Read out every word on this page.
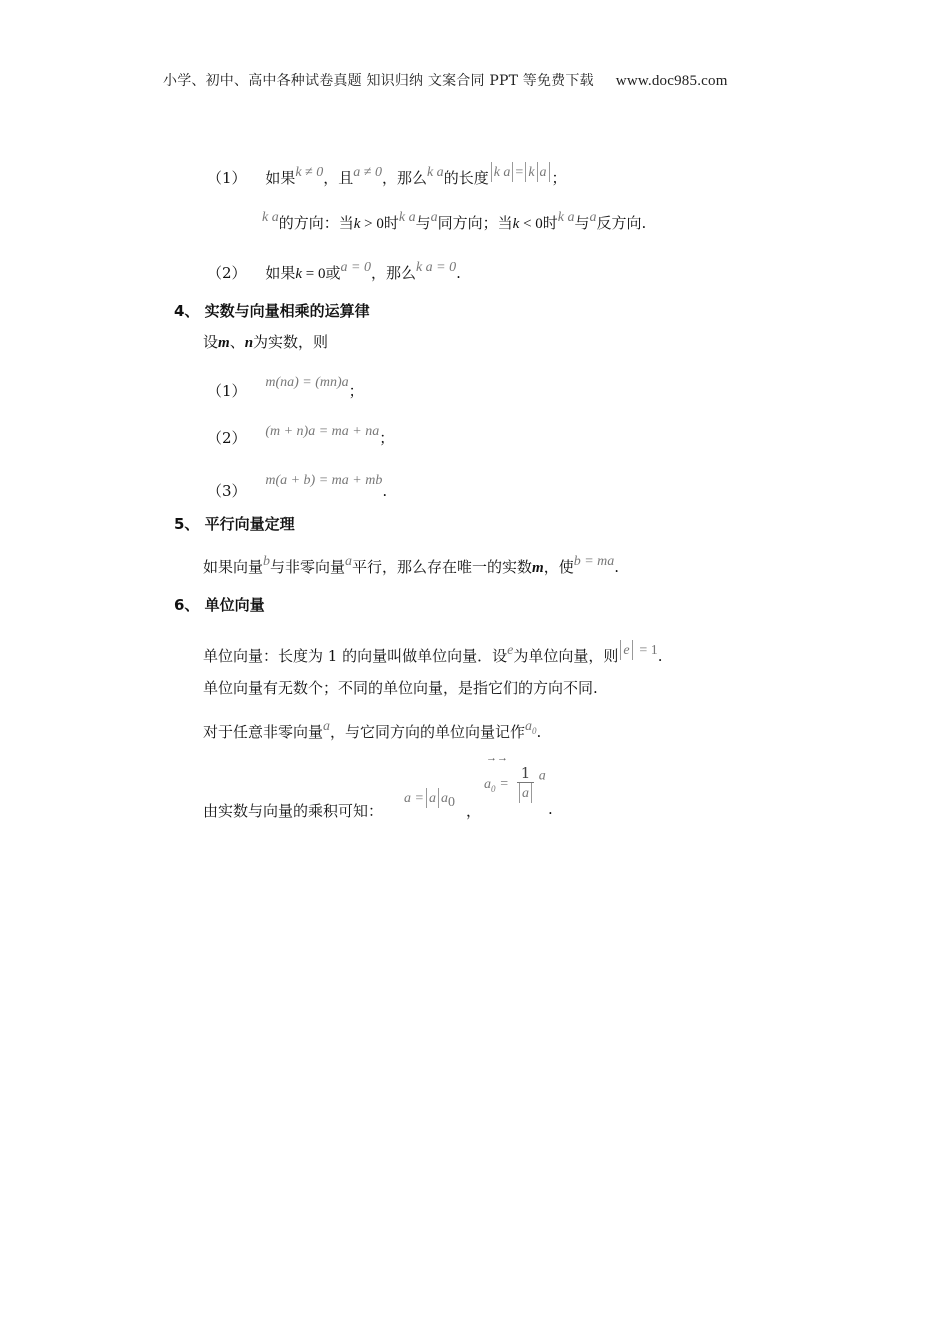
小学、初中、高中各种试卷真题 知识归纳 文案合同 PPT 等免费下载 www.doc985.com
（1） 如果k ≠ 0，且a ≠ 0，那么k a的长度 k a = k a ；
k a的方向：当k > 0时k a与a同方向；当k < 0时k a与a反方向.
（2） 如果k = 0或a = 0，那么k a = 0.
4、 实数与向量相乘的运算律
设m、n为实数，则
（1） m(na) = (mn)a；
（2） (m + n)a = ma + na；
（3） m(a + b) = ma + mb.
5、 平行向量定理
如果向量b与非零向量a平行，那么存在唯一的实数m，使b = ma.
6、 单位向量
单位向量：长度为 1 的向量叫做单位向量．设e为单位向量，则 e = 1.
单位向量有无数个；不同的单位向量，是指它们的方向不同.
对于任意非零向量a，与它同方向的单位向量记作$a_0$.
由实数与向量的乘积可知：
a = a $a_0$ ，
→→
$a_0 = \frac{1}{a}$ a
.
